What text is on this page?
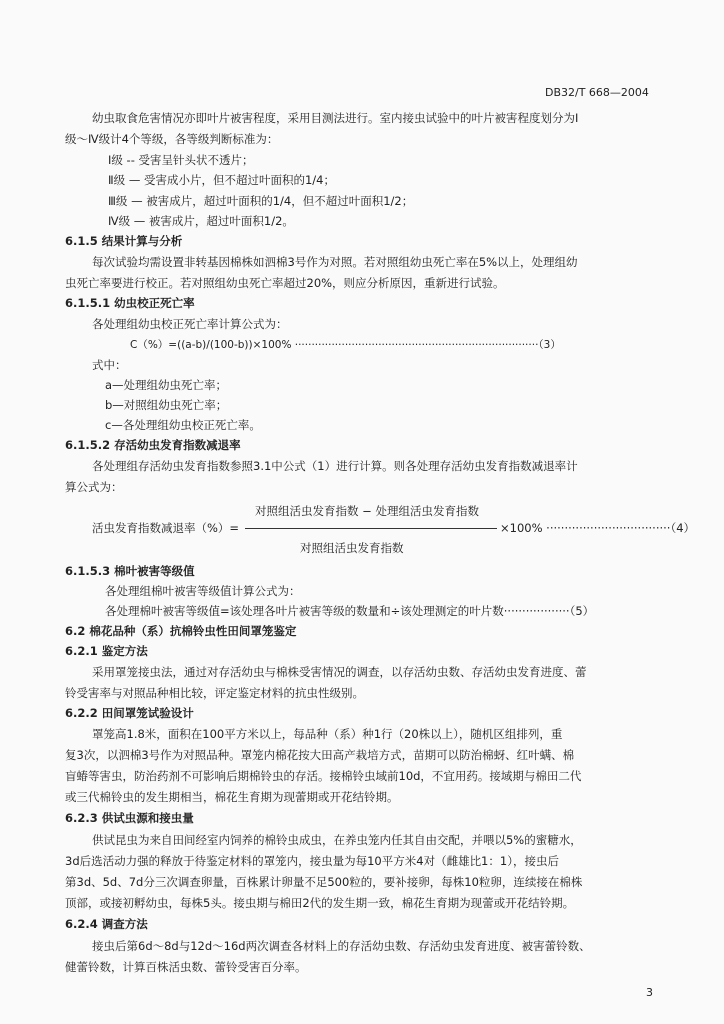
DB32/T 668—2004
幼虫取食危害情况亦即叶片被害程度，采用目测法进行。室内接虫试验中的叶片被害程度划分为Ⅰ
级～Ⅳ级计4个等级，各等级判断标准为：
Ⅰ级 -- 受害呈针头状不透片；
Ⅱ级 — 受害成小片，但不超过叶面积的1/4；
Ⅲ级 — 被害成片，超过叶面积的1/4，但不超过叶面积1/2；
Ⅳ级 — 被害成片，超过叶面积1/2。
6.1.5 结果计算与分析
每次试验均需设置非转基因棉株如泗棉3号作为对照。若对照组幼虫死亡率在5%以上，处理组幼
虫死亡率要进行校正。若对照组幼虫死亡率超过20%，则应分析原因，重新进行试验。
6.1.5.1 幼虫校正死亡率
各处理组幼虫校正死亡率计算公式为：
C（%）=((a-b)/(100-b))×100% ·········································································（3）
式中：
a—处理组幼虫死亡率；
b—对照组幼虫死亡率；
c—各处理组幼虫校正死亡率。
6.1.5.2 存活幼虫发育指数减退率
各处理组存活幼虫发育指数参照3.1中公式（1）进行计算。则各处理存活幼虫发育指数减退率计
算公式为：
对照组活虫发育指数 − 处理组活虫发育指数
活虫发育指数减退率（%）=	×100% ··································（4）
对照组活虫发育指数
6.1.5.3 棉叶被害等级值
各处理组棉叶被害等级值计算公式为：
各处理棉叶被害等级值=该处理各叶片被害等级的数量和÷该处理测定的叶片数··················（5）
6.2 棉花品种（系）抗棉铃虫性田间罩笼鉴定
6.2.1 鉴定方法
采用罩笼接虫法，通过对存活幼虫与棉株受害情况的调查，以存活幼虫数、存活幼虫发育进度、蕾
铃受害率与对照品种相比较，评定鉴定材料的抗虫性级别。
6.2.2 田间罩笼试验设计
罩笼高1.8米，面积在100平方米以上，每品种（系）种1行（20株以上），随机区组排列，重
复3次，以泗棉3号作为对照品种。罩笼内棉花按大田高产栽培方式，苗期可以防治棉蚜、红叶螨、棉
盲蝽等害虫，防治药剂不可影响后期棉铃虫的存活。接棉铃虫域前10d，不宜用药。接域期与棉田二代
或三代棉铃虫的发生期相当，棉花生育期为现蕾期或开花结铃期。
6.2.3 供试虫源和接虫量
供试昆虫为来自田间经室内饲养的棉铃虫成虫，在养虫笼内任其自由交配，并喂以5%的蜜糖水，
3d后选活动力强的释放于待鉴定材料的罩笼内，接虫量为每10平方米4对（雌雄比1：1），接虫后
第3d、5d、7d分三次调查卵量，百株累计卵量不足500粒的，要补接卵，每株10粒卵，连续接在棉株
顶部，或接初孵幼虫，每株5头。接虫期与棉田2代的发生期一致，棉花生育期为现蕾或开花结铃期。
6.2.4 调查方法
接虫后第6d～8d与12d～16d两次调查各材料上的存活幼虫数、存活幼虫发育进度、被害蕾铃数、
健蕾铃数，计算百株活虫数、蕾铃受害百分率。
3
